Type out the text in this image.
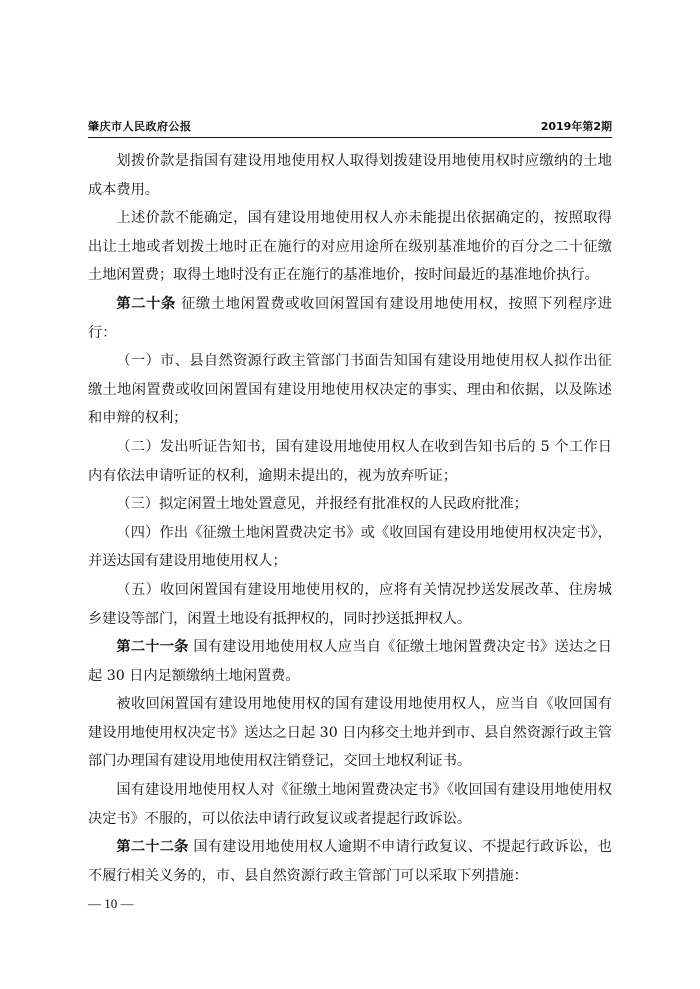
肇庆市人民政府公报	2019年第2期

划拨价款是指国有建设用地使用权人取得划拨建设用地使用权时应缴纳的土地成本费用。

上述价款不能确定，国有建设用地使用权人亦未能提出依据确定的，按照取得出让土地或者划拨土地时正在施行的对应用途所在级别基准地价的百分之二十征缴土地闲置费；取得土地时没有正在施行的基准地价，按时间最近的基准地价执行。

第二十条 征缴土地闲置费或收回闲置国有建设用地使用权，按照下列程序进行：

（一）市、县自然资源行政主管部门书面告知国有建设用地使用权人拟作出征缴土地闲置费或收回闲置国有建设用地使用权决定的事实、理由和依据，以及陈述和申辩的权利；

（二）发出听证告知书，国有建设用地使用权人在收到告知书后的 5 个工作日内有依法申请听证的权利，逾期未提出的，视为放弃听证；

（三）拟定闲置土地处置意见，并报经有批准权的人民政府批准；

（四）作出《征缴土地闲置费决定书》或《收回国有建设用地使用权决定书》，并送达国有建设用地使用权人；

（五）收回闲置国有建设用地使用权的，应将有关情况抄送发展改革、住房城乡建设等部门，闲置土地设有抵押权的，同时抄送抵押权人。

第二十一条 国有建设用地使用权人应当自《征缴土地闲置费决定书》送达之日起 30 日内足额缴纳土地闲置费。

被收回闲置国有建设用地使用权的国有建设用地使用权人，应当自《收回国有建设用地使用权决定书》送达之日起 30 日内移交土地并到市、县自然资源行政主管部门办理国有建设用地使用权注销登记，交回土地权利证书。

国有建设用地使用权人对《征缴土地闲置费决定书》《收回国有建设用地使用权决定书》不服的，可以依法申请行政复议或者提起行政诉讼。

第二十二条 国有建设用地使用权人逾期不申请行政复议、不提起行政诉讼，也不履行相关义务的，市、县自然资源行政主管部门可以采取下列措施：

— 10 —
